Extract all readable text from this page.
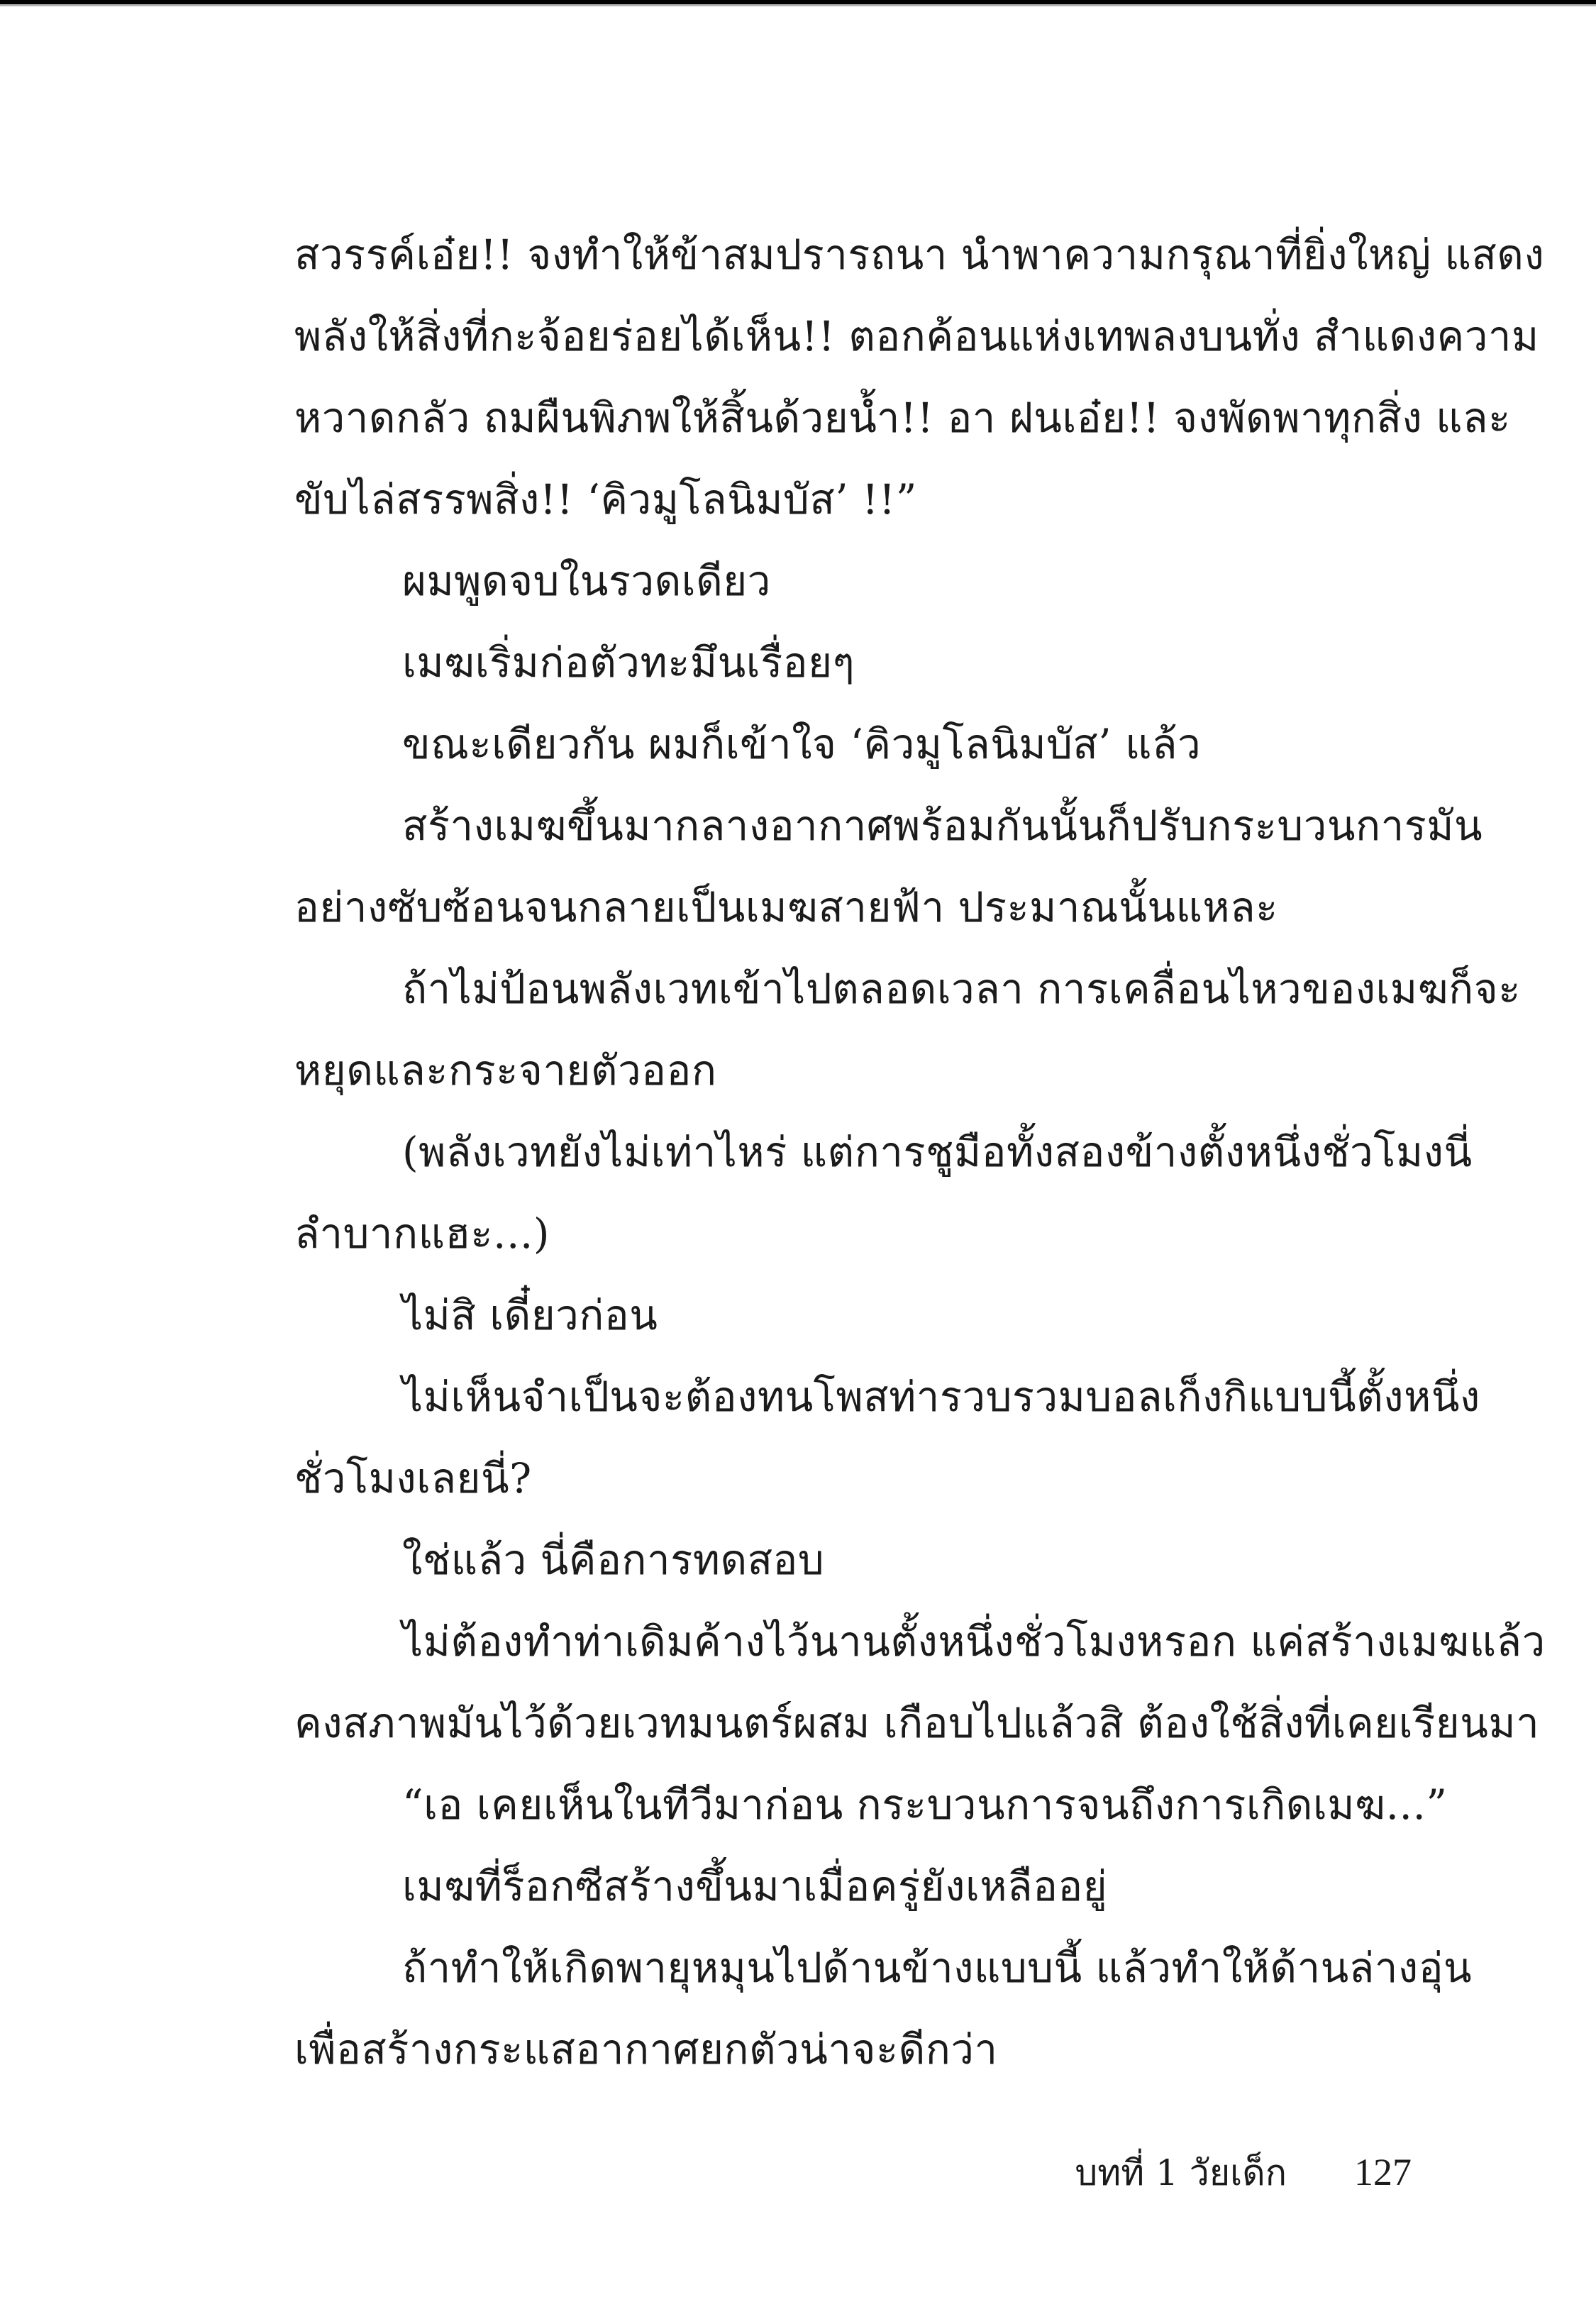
สวรรค์เอ๋ย!! จงทำให้ข้าสมปรารถนา นำพาความกรุณาที่ยิ่งใหญ่ แสดง

พลังให้สิ่งที่กะจ้อยร่อยได้เห็น!! ตอกค้อนแห่งเทพลงบนทั่ง สำแดงความ

หวาดกลัว ถมผืนพิภพให้สิ้นด้วยน้ำ!! อา ฝนเอ๋ย!! จงพัดพาทุกสิ่ง และ

ขับไล่สรรพสิ่ง!! ‘คิวมูโลนิมบัส’ !!”

ผมพูดจบในรวดเดียว

เมฆเริ่มก่อตัวทะมึนเรื่อยๆ

ขณะเดียวกัน ผมก็เข้าใจ ‘คิวมูโลนิมบัส’ แล้ว

สร้างเมฆขึ้นมากลางอากาศพร้อมกันนั้นก็ปรับกระบวนการมัน

อย่างซับซ้อนจนกลายเป็นเมฆสายฟ้า ประมาณนั้นแหละ

ถ้าไม่ป้อนพลังเวทเข้าไปตลอดเวลา การเคลื่อนไหวของเมฆก็จะ

หยุดและกระจายตัวออก

(พลังเวทยังไม่เท่าไหร่ แต่การชูมือทั้งสองข้างตั้งหนึ่งชั่วโมงนี่

ลำบากแฮะ...)

ไม่สิ เดี๋ยวก่อน

ไม่เห็นจำเป็นจะต้องทนโพสท่ารวบรวมบอลเก็งกิแบบนี้ตั้งหนึ่ง

ชั่วโมงเลยนี่?

ใช่แล้ว นี่คือการทดสอบ

ไม่ต้องทำท่าเดิมค้างไว้นานตั้งหนึ่งชั่วโมงหรอก แค่สร้างเมฆแล้ว

คงสภาพมันไว้ด้วยเวทมนตร์ผสม เกือบไปแล้วสิ ต้องใช้สิ่งที่เคยเรียนมา

“เอ เคยเห็นในทีวีมาก่อน กระบวนการจนถึงการเกิดเมฆ...”

เมฆที่ร็อกซีสร้างขึ้นมาเมื่อครู่ยังเหลืออยู่

ถ้าทำให้เกิดพายุหมุนไปด้านข้างแบบนี้ แล้วทำให้ด้านล่างอุ่น

เพื่อสร้างกระแสอากาศยกตัวน่าจะดีกว่า

บทที่ 1 วัยเด็ก 127
